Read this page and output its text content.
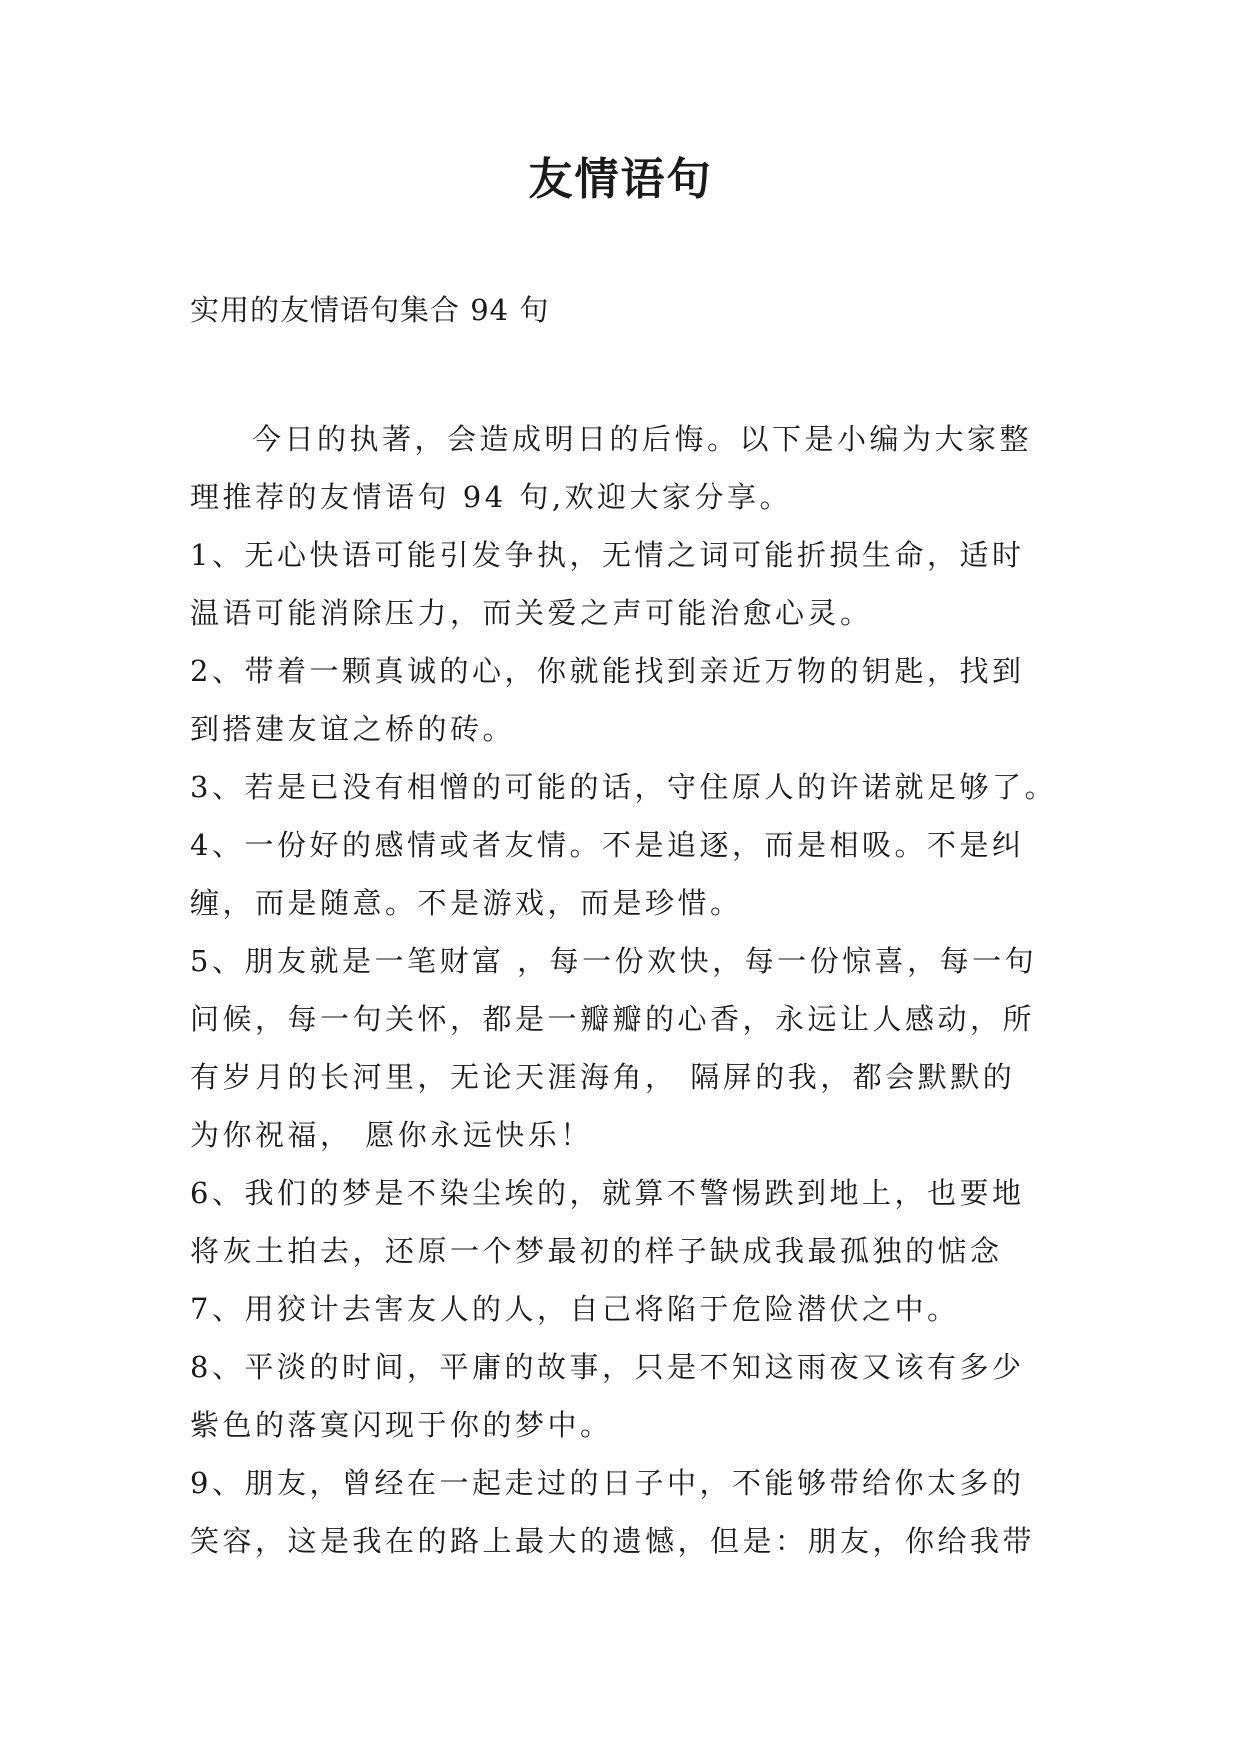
友情语句

实用的友情语句集合 94 句

今日的执著，会造成明日的后悔。以下是小编为大家整

理推荐的友情语句 94 句,欢迎大家分享。

1、无心快语可能引发争执，无情之词可能折损生命，适时

温语可能消除压力，而关爱之声可能治愈心灵。

2、带着一颗真诚的心，你就能找到亲近万物的钥匙，找到

到搭建友谊之桥的砖。

3、若是已没有相憎的可能的话，守住原人的许诺就足够了。

4、一份好的感情或者友情。不是追逐，而是相吸。不是纠

缠，而是随意。不是游戏，而是珍惜。

5、朋友就是一笔财富 ，每一份欢快，每一份惊喜，每一句

问候，每一句关怀，都是一瓣瓣的心香，永远让人感动，所

有岁月的长河里，无论天涯海角， 隔屏的我，都会默默的

为你祝福， 愿你永远快乐！

6、我们的梦是不染尘埃的，就算不警惕跌到地上，也要地

将灰土拍去，还原一个梦最初的样子缺成我最孤独的惦念

7、用狡计去害友人的人，自己将陷于危险潜伏之中。

8、平淡的时间，平庸的故事，只是不知这雨夜又该有多少

紫色的落寞闪现于你的梦中。

9、朋友，曾经在一起走过的日子中，不能够带给你太多的

笑容，这是我在的路上最大的遗憾，但是：朋友，你给我带
